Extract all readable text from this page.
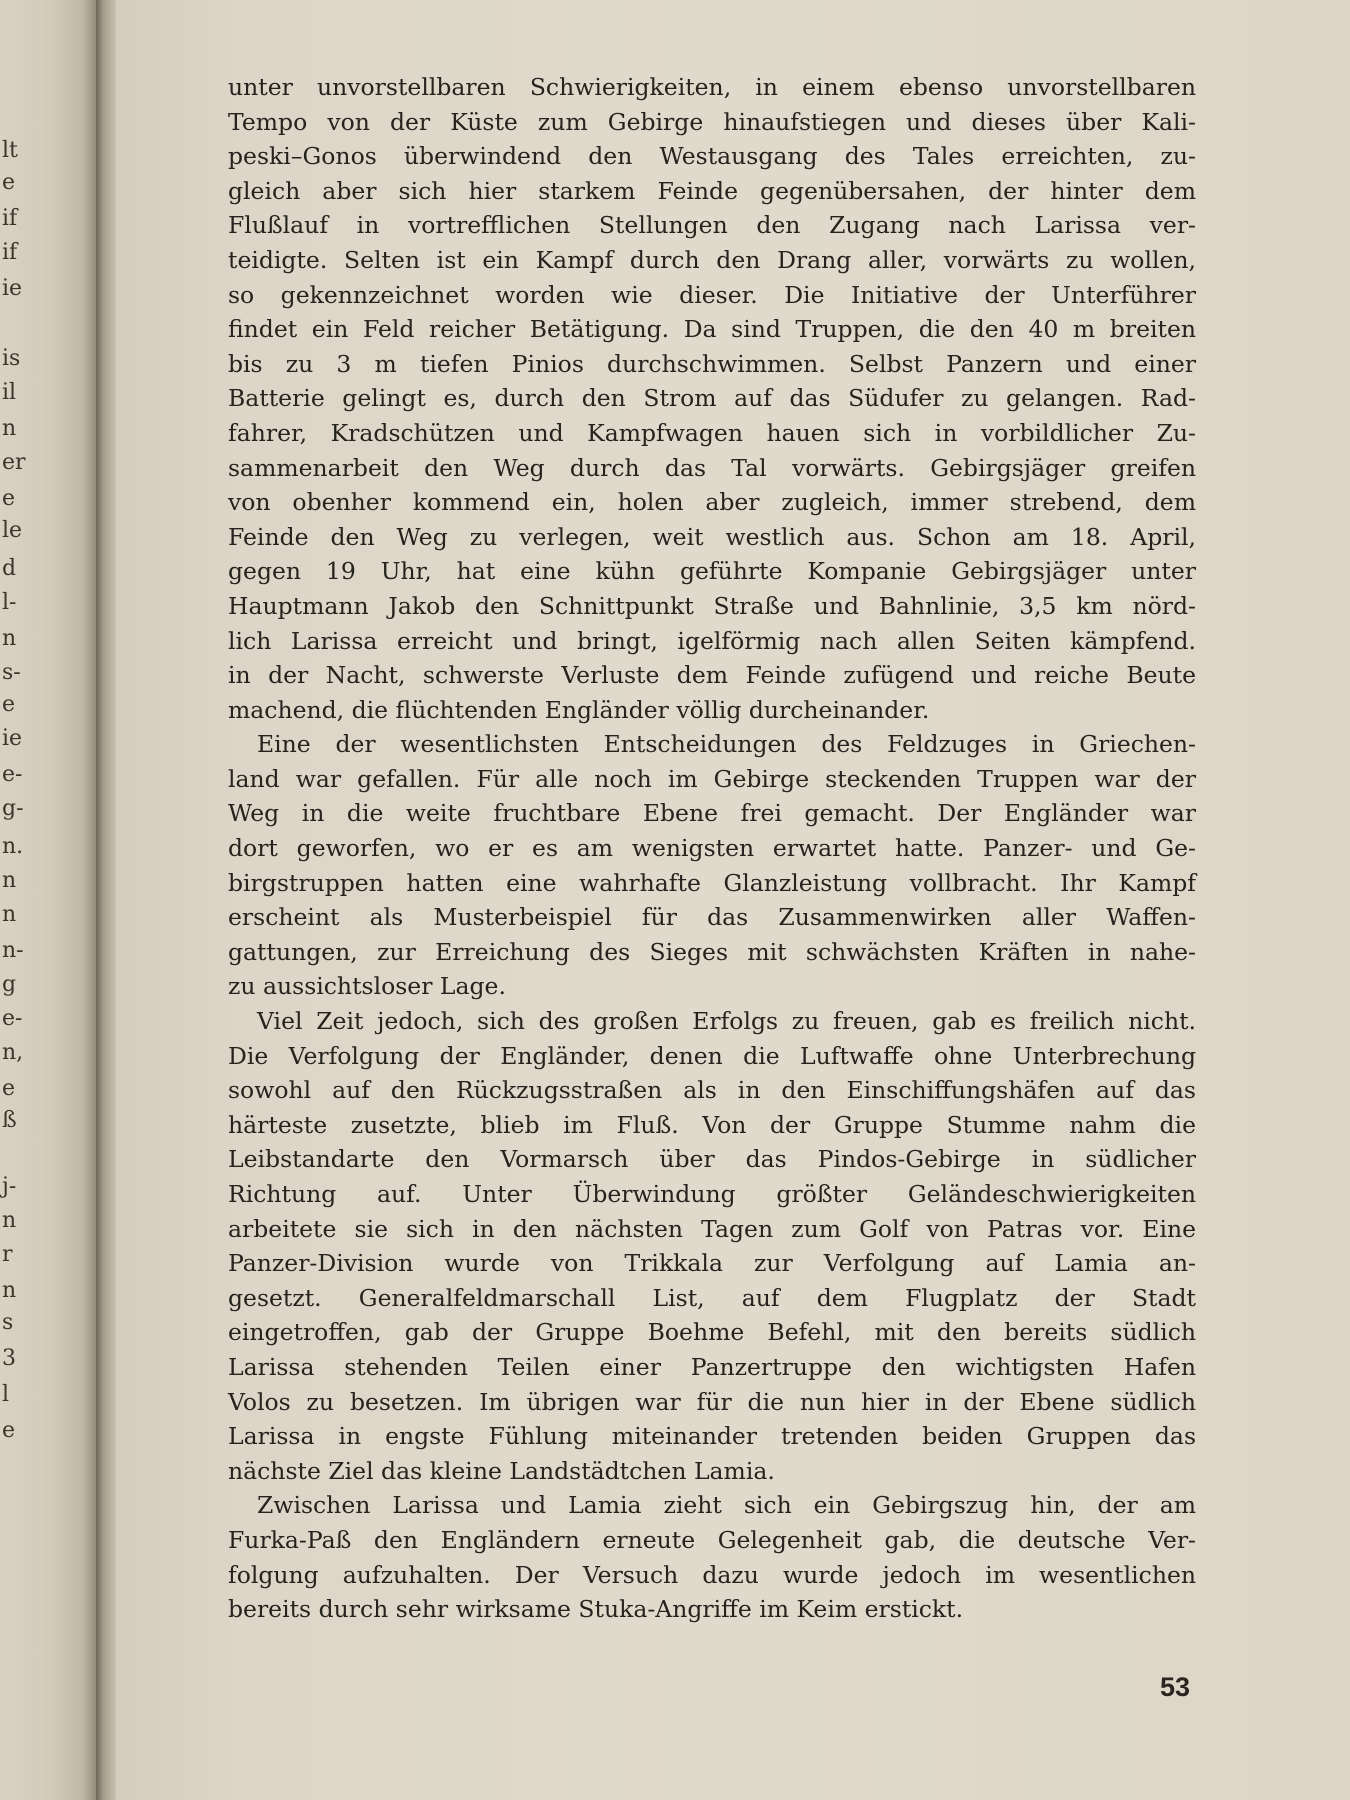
lt
e
if
if
ie
is
il
n
er
e
le
d
l-
n
s-
e
ie
e-
g-
n.
n
n
n-
g
e-
n,
e
ß
j-
n
r
n
s
3
l
e
unter unvorstellbaren Schwierigkeiten, in einem ebenso unvorstellbaren
Tempo von der Küste zum Gebirge hinaufstiegen und dieses über Kali-
peski–Gonos überwindend den Westausgang des Tales erreichten, zu-
gleich aber sich hier starkem Feinde gegenübersahen, der hinter dem
Flußlauf in vortrefflichen Stellungen den Zugang nach Larissa ver-
teidigte. Selten ist ein Kampf durch den Drang aller, vorwärts zu wollen,
so gekennzeichnet worden wie dieser. Die Initiative der Unterführer
findet ein Feld reicher Betätigung. Da sind Truppen, die den 40 m breiten
bis zu 3 m tiefen Pinios durchschwimmen. Selbst Panzern und einer
Batterie gelingt es, durch den Strom auf das Südufer zu gelangen. Rad-
fahrer, Kradschützen und Kampfwagen hauen sich in vorbildlicher Zu-
sammenarbeit den Weg durch das Tal vorwärts. Gebirgsjäger greifen
von obenher kommend ein, holen aber zugleich, immer strebend, dem
Feinde den Weg zu verlegen, weit westlich aus. Schon am 18. April,
gegen 19 Uhr, hat eine kühn geführte Kompanie Gebirgsjäger unter
Hauptmann Jakob den Schnittpunkt Straße und Bahnlinie, 3,5 km nörd-
lich Larissa erreicht und bringt, igelförmig nach allen Seiten kämpfend.
in der Nacht, schwerste Verluste dem Feinde zufügend und reiche Beute
machend, die flüchtenden Engländer völlig durcheinander.
Eine der wesentlichsten Entscheidungen des Feldzuges in Griechen-
land war gefallen. Für alle noch im Gebirge steckenden Truppen war der
Weg in die weite fruchtbare Ebene frei gemacht. Der Engländer war
dort geworfen, wo er es am wenigsten erwartet hatte. Panzer- und Ge-
birgstruppen hatten eine wahrhafte Glanzleistung vollbracht. Ihr Kampf
erscheint als Musterbeispiel für das Zusammenwirken aller Waffen-
gattungen, zur Erreichung des Sieges mit schwächsten Kräften in nahe-
zu aussichtsloser Lage.
Viel Zeit jedoch, sich des großen Erfolgs zu freuen, gab es freilich nicht.
Die Verfolgung der Engländer, denen die Luftwaffe ohne Unterbrechung
sowohl auf den Rückzugsstraßen als in den Einschiffungshäfen auf das
härteste zusetzte, blieb im Fluß. Von der Gruppe Stumme nahm die
Leibstandarte den Vormarsch über das Pindos-Gebirge in südlicher
Richtung auf. Unter Überwindung größter Geländeschwierigkeiten
arbeitete sie sich in den nächsten Tagen zum Golf von Patras vor. Eine
Panzer-Division wurde von Trikkala zur Verfolgung auf Lamia an-
gesetzt. Generalfeldmarschall List, auf dem Flugplatz der Stadt
eingetroffen, gab der Gruppe Boehme Befehl, mit den bereits südlich
Larissa stehenden Teilen einer Panzertruppe den wichtigsten Hafen
Volos zu besetzen. Im übrigen war für die nun hier in der Ebene südlich
Larissa in engste Fühlung miteinander tretenden beiden Gruppen das
nächste Ziel das kleine Landstädtchen Lamia.
Zwischen Larissa und Lamia zieht sich ein Gebirgszug hin, der am
Furka-Paß den Engländern erneute Gelegenheit gab, die deutsche Ver-
folgung aufzuhalten. Der Versuch dazu wurde jedoch im wesentlichen
bereits durch sehr wirksame Stuka-Angriffe im Keim erstickt.
53
